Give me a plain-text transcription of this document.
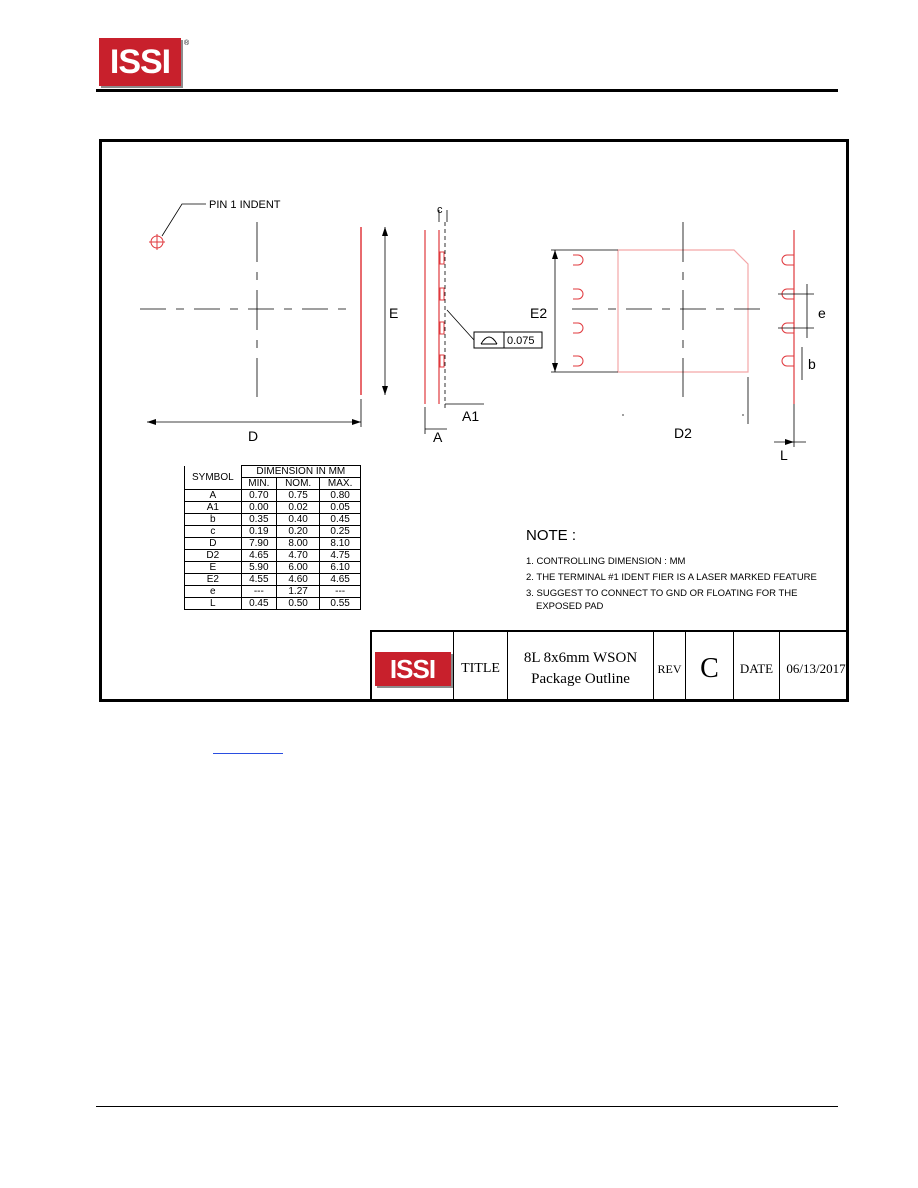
ISSI ®
PIN 1 INDENT
E
D
c
0.075
A
A1
E2	e
b
D2
L
SYMBOL	DIMENSION IN MM		
	MIN.	NOM.	MAX.
A	0.70	0.75	0.80
A1	0.00	0.02	0.05
b	0.35	0.40	0.45
c	0.19	0.20	0.25
D	7.90	8.00	8.10
D2	4.65	4.70	4.75
E	5.90	6.00	6.10
E2	4.55	4.60	4.65
e	---	1.27	---
L	0.45	0.50	0.55
NOTE :
1. CONTROLLING DIMENSION : MM
2. THE TERMINAL #1 IDENT FIER IS A LASER MARKED FEATURE
3. SUGGEST TO CONNECT TO GND OR FLOATING FOR THE
EXPOSED PAD
ISSI	TITLE
8L 8x6mm WSON
Package Outline
REV C	DATE	06/13/2017
